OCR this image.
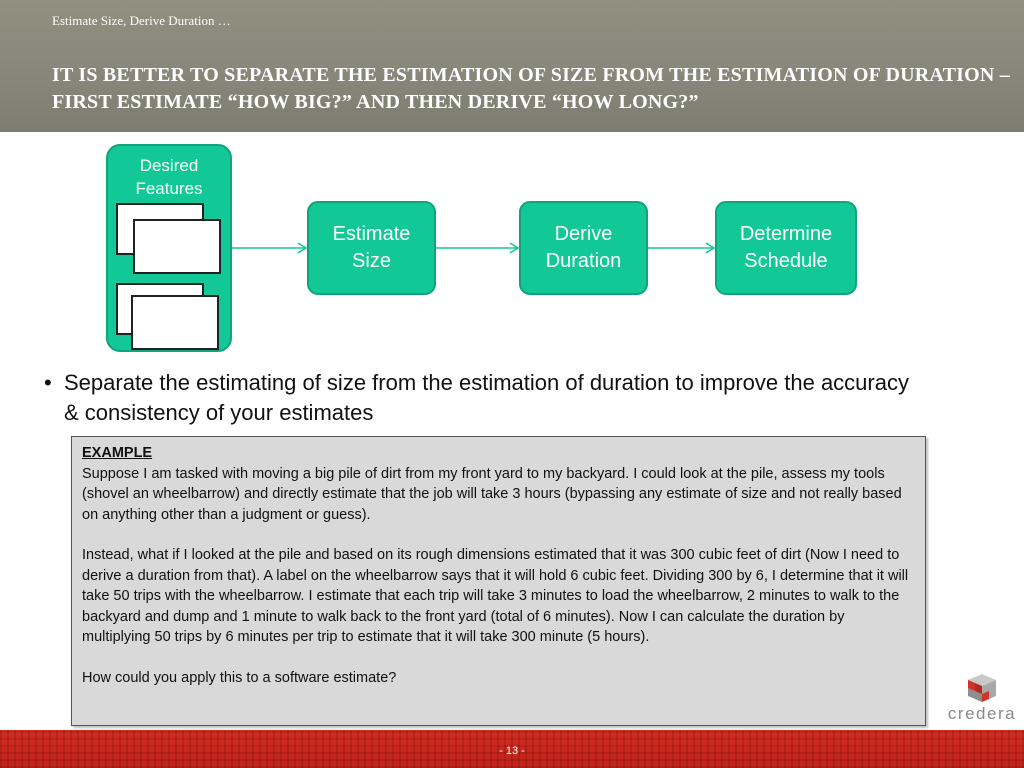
Estimate Size, Derive Duration …
IT IS BETTER TO SEPARATE THE ESTIMATION OF SIZE FROM THE ESTIMATION OF DURATION – FIRST ESTIMATE “HOW BIG?” AND THEN DERIVE “HOW LONG?”
Desired Features
Estimate
Size
Derive
Duration
Determine
Schedule
• Separate the estimating of size from the estimation of duration to improve the accuracy & consistency of your estimates

EXAMPLE

Suppose I am tasked with moving a big pile of dirt from my front yard to my backyard. I could look at the pile, assess my tools (shovel an wheelbarrow) and directly estimate that the job will take 3 hours (bypassing any estimate of size and not really based on anything other than a judgment or guess).

Instead, what if I looked at the pile and based on its rough dimensions estimated that it was 300 cubic feet of dirt (Now I need to derive a duration from that). A label on the wheelbarrow says that it will hold 6 cubic feet. Dividing 300 by 6, I determine that it will take 50 trips with the wheelbarrow. I estimate that each trip will take 3 minutes to load the wheelbarrow, 2 minutes to walk to the backyard and dump and 1 minute to walk back to the front yard (total of 6 minutes). Now I can calculate the duration by multiplying 50 trips by 6 minutes per trip to estimate that it will take 300 minute (5 hours).

How could you apply this to a software estimate?

credera
- 13 -
